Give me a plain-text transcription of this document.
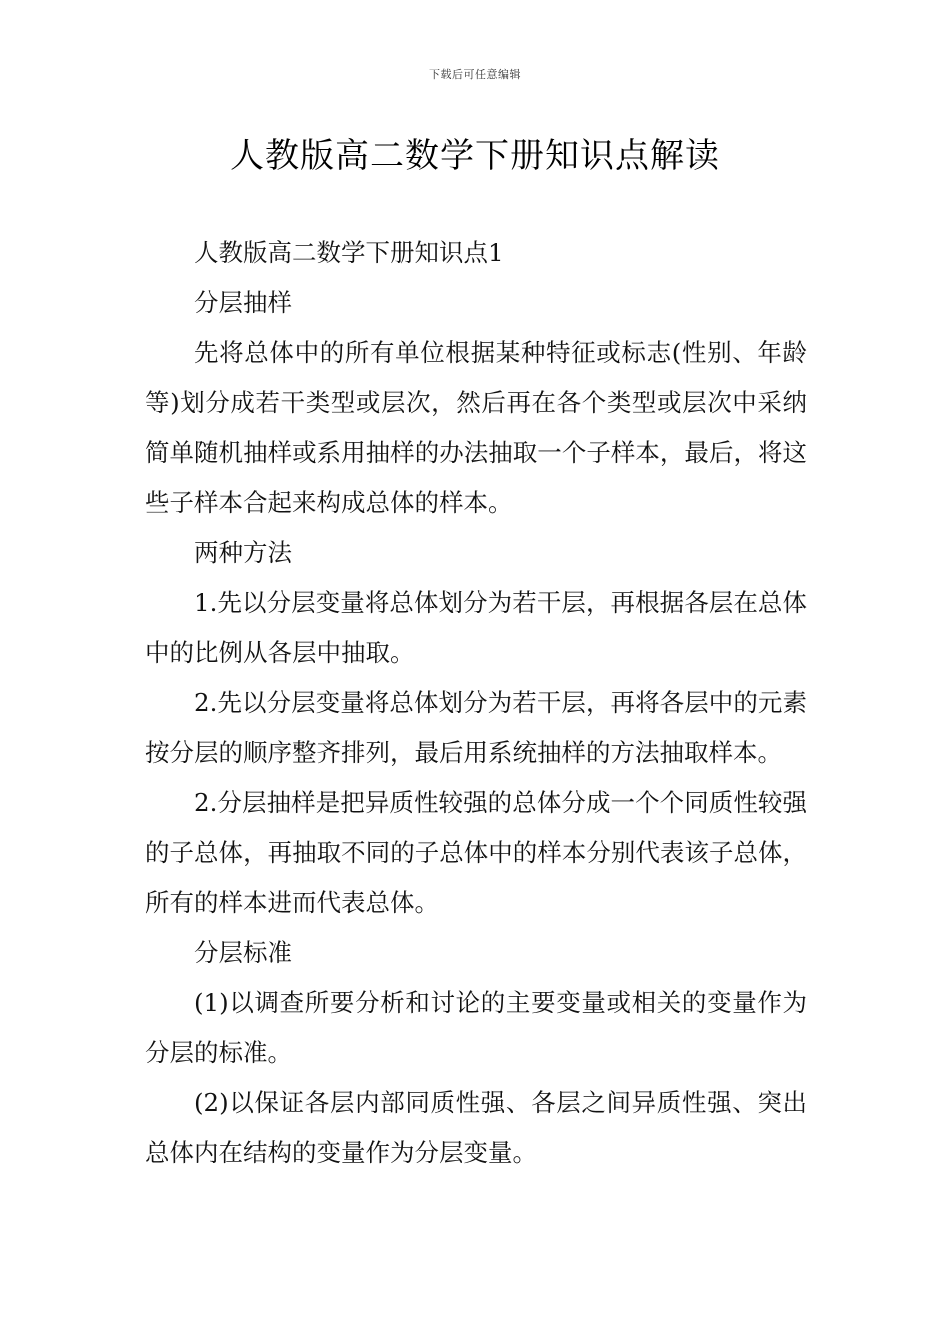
下载后可任意编辑
人教版高二数学下册知识点解读

人教版高二数学下册知识点1

分层抽样

先将总体中的所有单位根据某种特征或标志(性别、年龄等)划分成若干类型或层次，然后再在各个类型或层次中采纳简单随机抽样或系用抽样的办法抽取一个子样本，最后，将这些子样本合起来构成总体的样本。

两种方法

1.先以分层变量将总体划分为若干层，再根据各层在总体中的比例从各层中抽取。

2.先以分层变量将总体划分为若干层，再将各层中的元素按分层的顺序整齐排列，最后用系统抽样的方法抽取样本。

2.分层抽样是把异质性较强的总体分成一个个同质性较强的子总体，再抽取不同的子总体中的样本分别代表该子总体，所有的样本进而代表总体。

分层标准

(1)以调查所要分析和讨论的主要变量或相关的变量作为分层的标准。

(2)以保证各层内部同质性强、各层之间异质性强、突出总体内在结构的变量作为分层变量。
